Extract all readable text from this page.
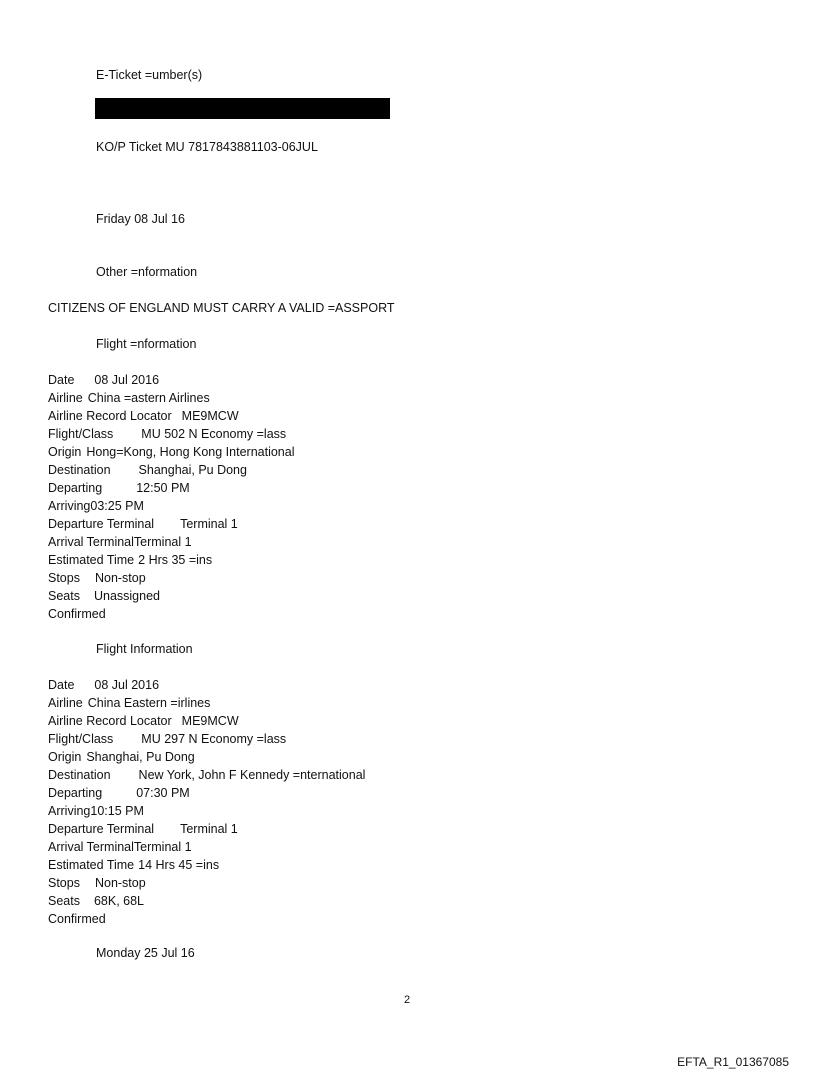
E-Ticket =umber(s)
KO/P Ticket MU 7817843881103-06JUL
Friday 08 Jul 16
Other =nformation
CITIZENS OF ENGLAND MUST CARRY A VALID =ASSPORT
Flight =nformation
Date 08 Jul 2016
Airline China =astern Airlines
Airline Record Locator ME9MCW
Flight/Class MU 502 N Economy =lass
Origin Hong=Kong, Hong Kong International
Destination Shanghai, Pu Dong
Departing	12:50 PM
Arriving03:25 PM
Departure Terminal Terminal 1
Arrival TerminalTerminal 1
Estimated Time 2 Hrs 35 =ins
Stops Non-stop
Seats Unassigned
Confirmed
Flight Information
Date 08 Jul 2016
Airline China Eastern =irlines
Airline Record Locator ME9MCW
Flight/Class MU 297 N Economy =lass
Origin Shanghai, Pu Dong
Destination New York, John F Kennedy =nternational
Departing	07:30 PM
Arriving10:15 PM
Departure Terminal Terminal 1
Arrival TerminalTerminal 1
Estimated Time 14 Hrs 45 =ins
Stops Non-stop
Seats 68K, 68L
Confirmed
Monday 25 Jul 16
2
EFTA_R1_01367085
